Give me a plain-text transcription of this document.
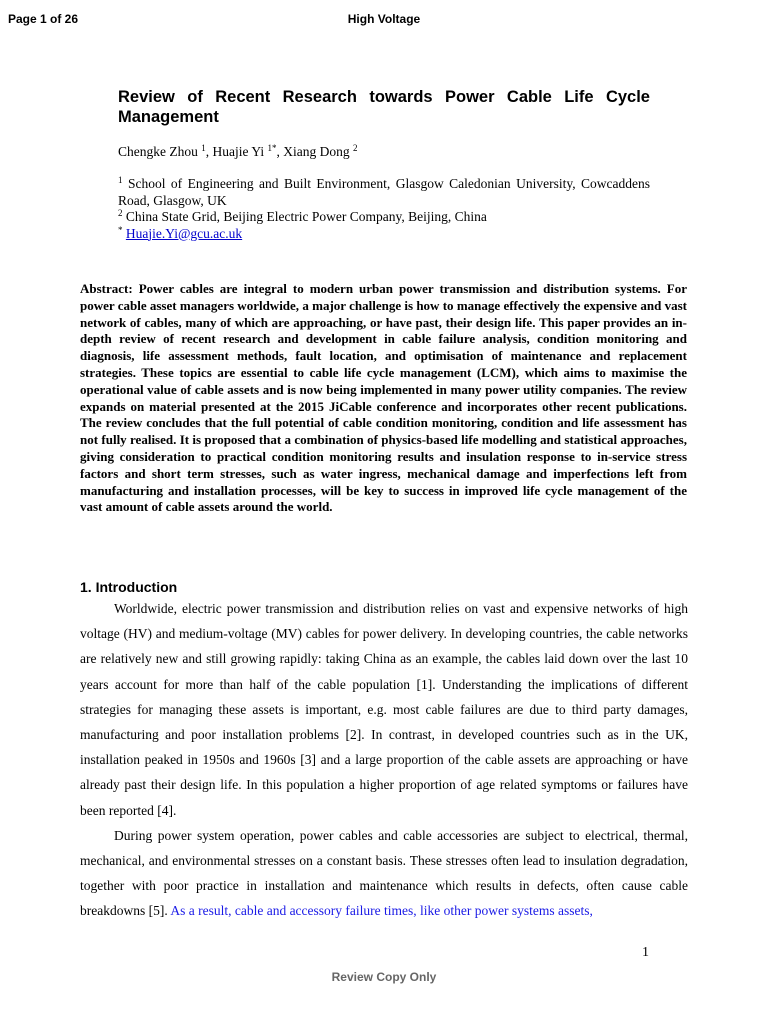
Page 1 of 26	High Voltage
Review of Recent Research towards Power Cable Life Cycle Management
Chengke Zhou $^1$, Huajie Yi $^{1*}$, Xiang Dong $^2$
$^1$ School of Engineering and Built Environment, Glasgow Caledonian University, Cowcaddens Road, Glasgow, UK
$^2$ China State Grid, Beijing Electric Power Company, Beijing, China
* Huajie.Yi@gcu.ac.uk
Abstract: Power cables are integral to modern urban power transmission and distribution systems. For power cable asset managers worldwide, a major challenge is how to manage effectively the expensive and vast network of cables, many of which are approaching, or have past, their design life. This paper provides an in-depth review of recent research and development in cable failure analysis, condition monitoring and diagnosis, life assessment methods, fault location, and optimisation of maintenance and replacement strategies. These topics are essential to cable life cycle management (LCM), which aims to maximise the operational value of cable assets and is now being implemented in many power utility companies. The review expands on material presented at the 2015 JiCable conference and incorporates other recent publications. The review concludes that the full potential of cable condition monitoring, condition and life assessment has not fully realised. It is proposed that a combination of physics-based life modelling and statistical approaches, giving consideration to practical condition monitoring results and insulation response to in-service stress factors and short term stresses, such as water ingress, mechanical damage and imperfections left from manufacturing and installation processes, will be key to success in improved life cycle management of the vast amount of cable assets around the world.
1. Introduction

Worldwide, electric power transmission and distribution relies on vast and expensive networks of high voltage (HV) and medium-voltage (MV) cables for power delivery. In developing countries, the cable networks are relatively new and still growing rapidly: taking China as an example, the cables laid down over the last 10 years account for more than half of the cable population [1]. Understanding the implications of different strategies for managing these assets is important, e.g. most cable failures are due to third party damages, manufacturing and poor installation problems [2]. In contrast, in developed countries such as in the UK, installation peaked in 1950s and 1960s [3] and a large proportion of the cable assets are approaching or have already past their design life. In this population a higher proportion of age related symptoms or failures have been reported [4].

During power system operation, power cables and cable accessories are subject to electrical, thermal, mechanical, and environmental stresses on a constant basis. These stresses often lead to insulation degradation, together with poor practice in installation and maintenance which results in defects, often cause cable breakdowns [5]. As a result, cable and accessory failure times, like other power systems assets,

1
Review Copy Only
